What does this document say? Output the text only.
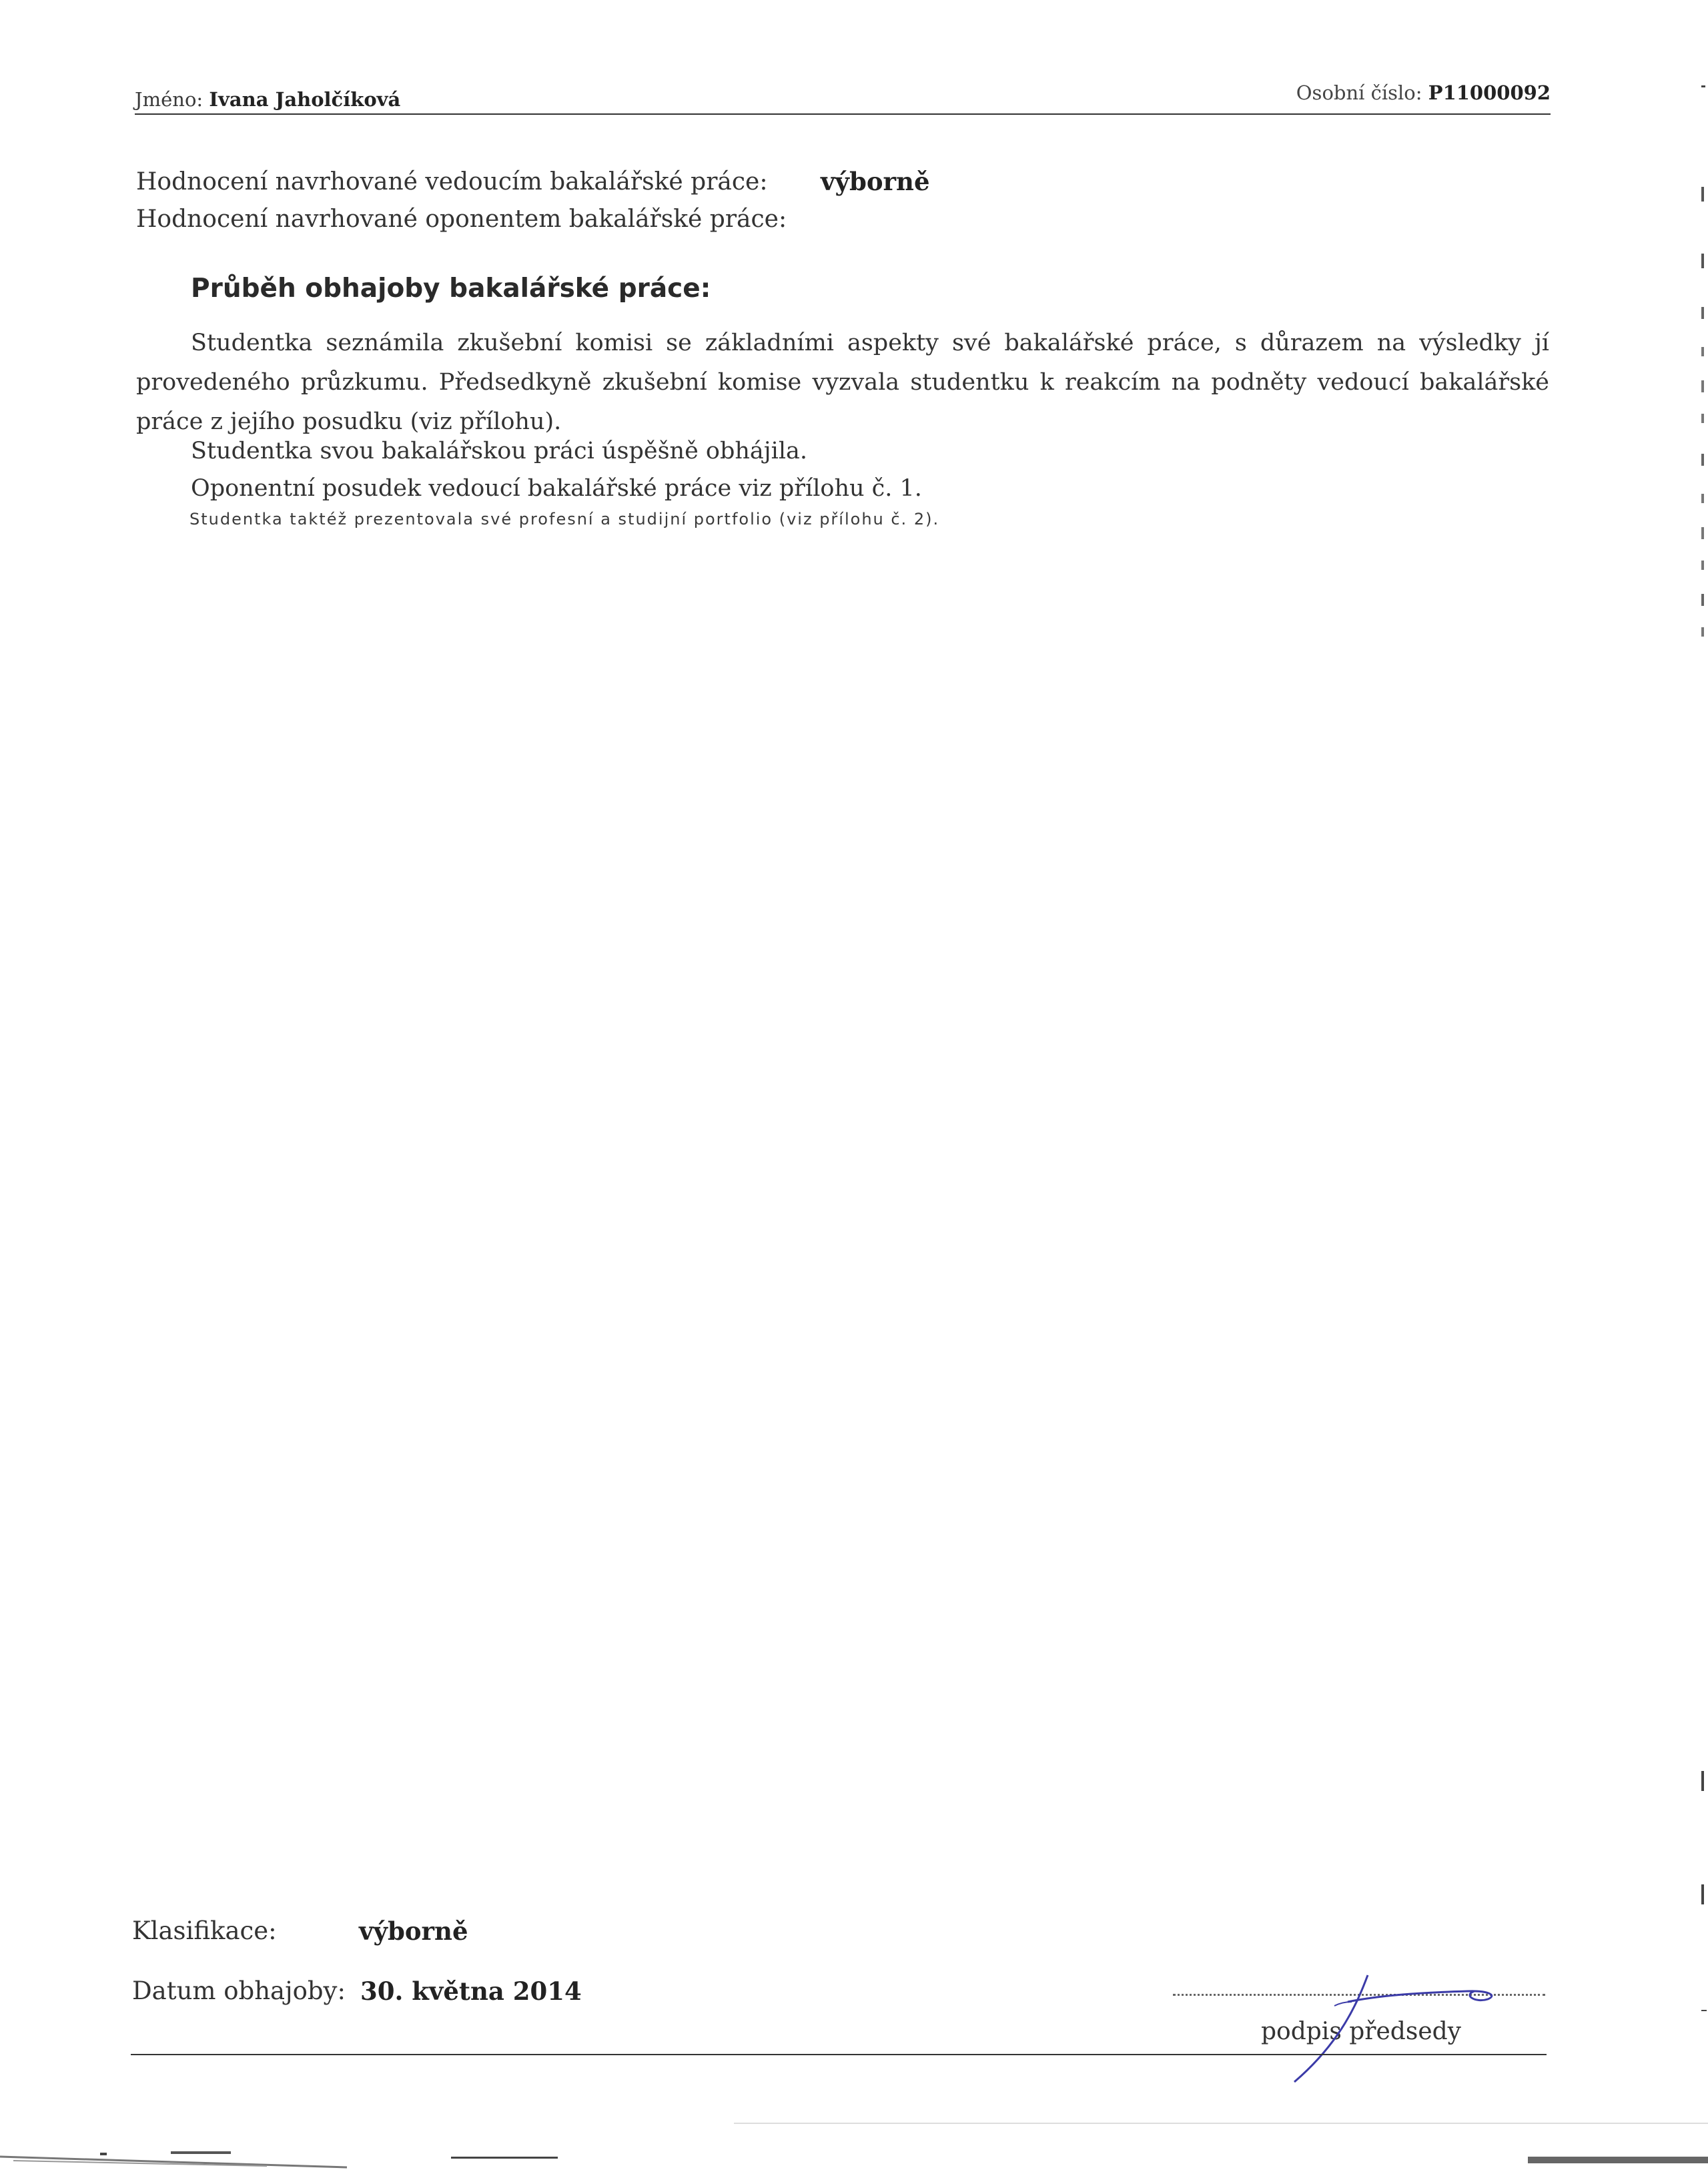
Jméno: Ivana Jaholčíková	Osobní číslo: P11000092
Hodnocení navrhované vedoucím bakalářské práce: výborně
Hodnocení navrhované oponentem bakalářské práce:
Průběh obhajoby bakalářské práce:
Studentka seznámila zkušební komisi se základními aspekty své bakalářské práce, s důrazem na výsledky jí provedeného průzkumu. Předsedkyně zkušební komise vyzvala studentku k reakcím na podněty vedoucí bakalářské práce z jejího posudku (viz přílohu).
Studentka svou bakalářskou práci úspěšně obhájila.
Oponentní posudek vedoucí bakalářské práce viz přílohu č. 1.
Studentka taktéž prezentovala své profesní a studijní portfolio (viz přílohu č. 2).
Klasifikace:	výborně
Datum obhajoby: 30. května 2014
podpis předsedy
